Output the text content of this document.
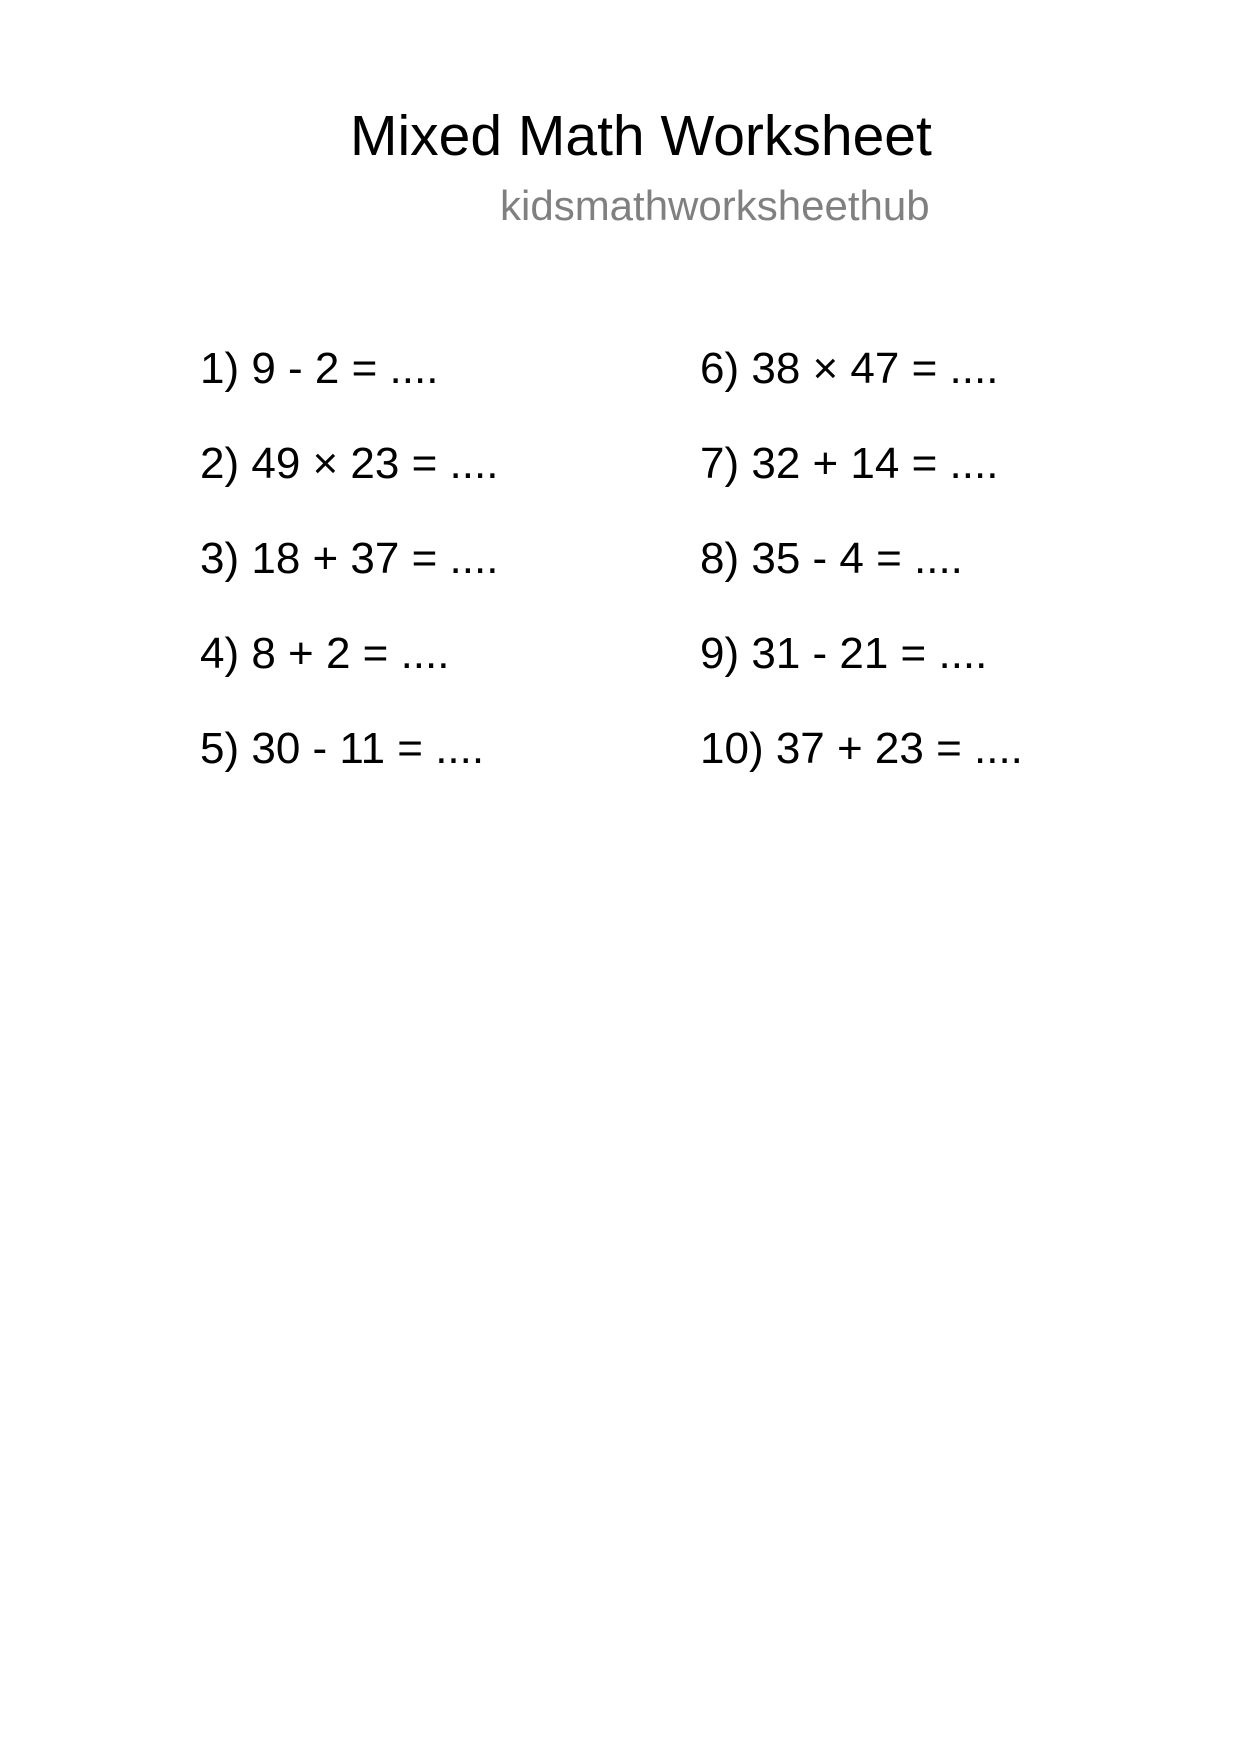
Mixed Math Worksheet
kidsmathworksheethub
1) 9 - 2 = ....
2) 49 × 23 = ....
3) 18 + 37 = ....
4) 8 + 2 = ....
5) 30 - 11 = ....
6) 38 × 47 = ....
7) 32 + 14 = ....
8) 35 - 4 = ....
9) 31 - 21 = ....
10) 37 + 23 = ....
